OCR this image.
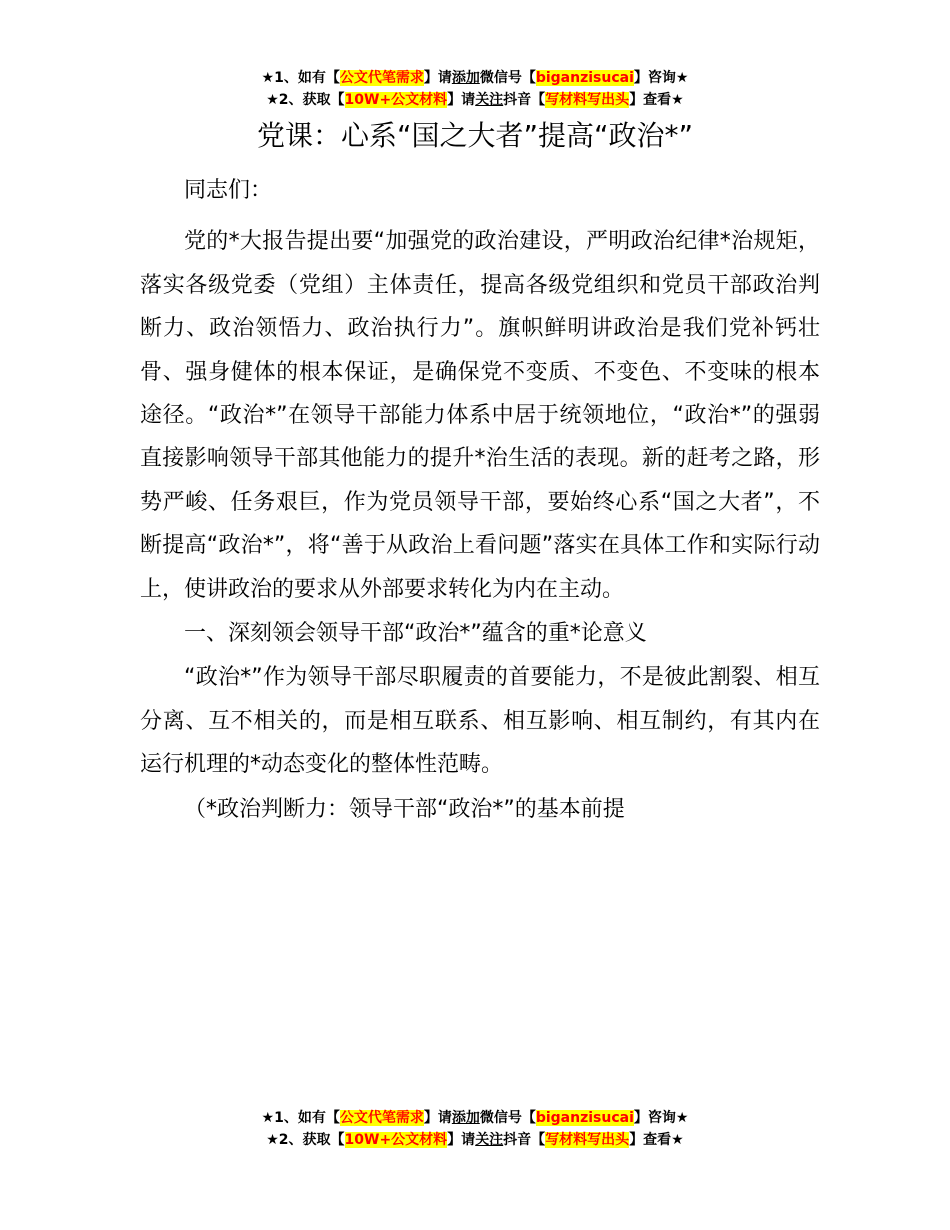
★1、如有【公文代笔需求】请添加微信号【biganzisucai】咨询★
★2、获取【10W+公文材料】请关注抖音【写材料写出头】查看★
党课：心系“国之大者”提高“政治*”

同志们：

党的*大报告提出要“加强党的政治建设，严明政治纪律*治规矩，落实各级党委（党组）主体责任，提高各级党组织和党员干部政治判断力、政治领悟力、政治执行力”。旗帜鲜明讲政治是我们党补钙壮骨、强身健体的根本保证，是确保党不变质、不变色、不变味的根本途径。“政治*”在领导干部能力体系中居于统领地位，“政治*”的强弱直接影响领导干部其他能力的提升*治生活的表现。新的赶考之路，形势严峻、任务艰巨，作为党员领导干部，要始终心系“国之大者”，不断提高“政治*”，将“善于从政治上看问题”落实在具体工作和实际行动上，使讲政治的要求从外部要求转化为内在主动。

一、深刻领会领导干部“政治*”蕴含的重*论意义

“政治*”作为领导干部尽职履责的首要能力，不是彼此割裂、相互分离、互不相关的，而是相互联系、相互影响、相互制约，有其内在运行机理的*动态变化的整体性范畴。

（*政治判断力：领导干部“政治*”的基本前提

★1、如有【公文代笔需求】请添加微信号【biganzisucai】咨询★
★2、获取【10W+公文材料】请关注抖音【写材料写出头】查看★
